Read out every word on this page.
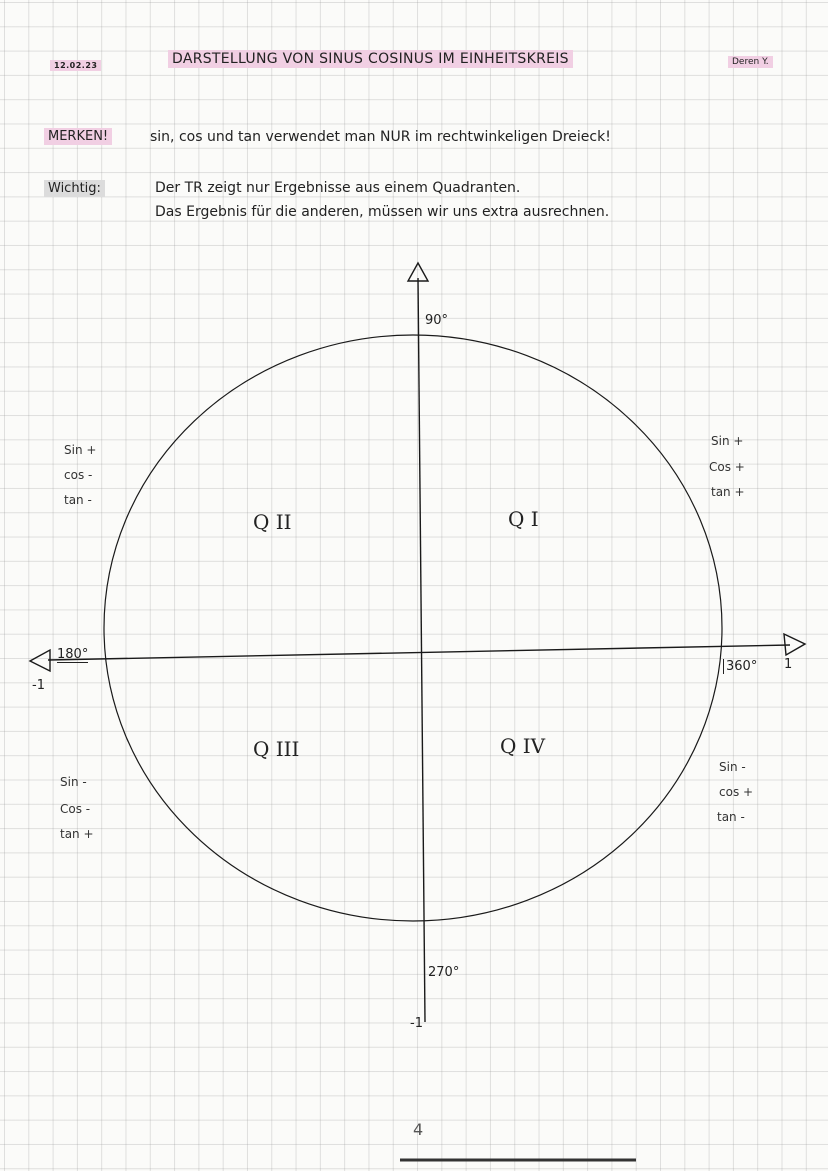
12.02.23	DARSTELLUNG VON SINUS COSINUS IM EINHEITSKREIS	Deren Y.
MERKEN!	sin, cos und tan verwendet man NUR im rechtwinkeligen Dreieck!
Wichtig:	Der TR zeigt nur Ergebnisse aus einem Quadranten.
Das Ergebnis für die anderen, müssen wir uns extra ausrechnen.
90°
180°
360°
270°
1
-1
-1
Q I
Q II
Q III	Q IV
Sin +
Cos +
tan +
Sin +
cos -
tan -
Sin -
Cos -
tan +
Sin -
cos +
tan -
4
